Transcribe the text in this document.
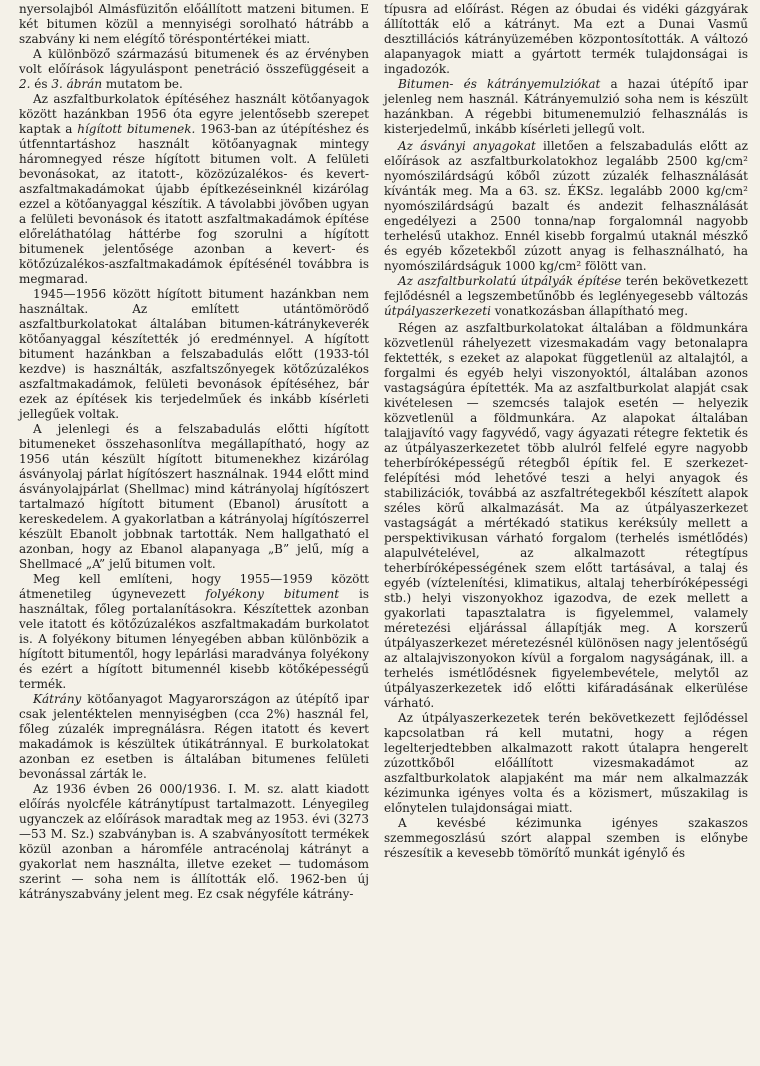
nyersolajból Almásfüzitőn előállított matzeni bitumen. E két bitumen közül a mennyiségi sorolható hátrább a szabvány ki nem elégítő töréspontértékei miatt.

A különböző származású bitumenek és az érvényben volt előírások lágyuláspont penetráció összefüggéseit a 2. és 3. ábrán mutatom be.

Az aszfaltburkolatok építéséhez használt kötőanyagok között hazánkban 1956 óta egyre jelentősebb szerepet kaptak a hígított bitumenek. 1963-ban az útépítéshez és útfenntartáshoz használt kötőanyagnak mintegy háromnegyed része hígított bitumen volt. A felületi bevonásokat, az itatott-, közözúzalékos- és kevert-aszfaltmakadámokat újabb építkezéseinknél kizárólag ezzel a kötőanyaggal készítik. A távolabbi jövőben ugyan a felületi bevonások és itatott aszfaltmakadámok építése előreláthatólag háttérbe fog szorulni a hígított bitumenek jelentősége azonban a kevert- és kötőzúzalékos-aszfaltmakadámok építésénél továbbra is megmarad.

1945—1956 között hígított bitument hazánkban nem használtak. Az említett utántömörödő aszfaltburkolatokat általában bitumen-kátránykeverék kötőanyaggal készítették jó eredménnyel. A hígított bitument hazánkban a felszabadulás előtt (1933-tól kezdve) is használták, aszfaltszőnyegek kötőzúzalékos aszfaltmakadámok, felületi bevonások építéséhez, bár ezek az építések kis terjedelműek és inkább kísérleti jellegűek voltak.

A jelenlegi és a felszabadulás előtti hígított bitumeneket összehasonlítva megállapítható, hogy az 1956 után készült hígított bitumenekhez kizárólag ásványolaj párlat hígítószert használnak. 1944 előtt mind ásványolajpárlat (Shellmac) mind kátrányolaj hígítószert tartalmazó hígított bitument (Ebanol) árusított a kereskedelem. A gyakorlatban a kátrányolaj hígítószerrel készült Ebanolt jobbnak tartották. Nem hallgatható el azonban, hogy az Ebanol alapanyaga „B” jelű, míg a Shellmacé „A” jelű bitumen volt.

Meg kell említeni, hogy 1955—1959 között átmenetileg úgynevezett folyékony bitument is használtak, főleg portalanításokra. Készítettek azonban vele itatott és kötőzúzalékos aszfaltmakadám burkolatot is. A folyékony bitumen lényegében abban különbözik a hígított bitumentől, hogy lepárlási maradványa folyékony és ezért a hígított bitumennél kisebb kötőképességű termék.

Kátrány kötőanyagot Magyarországon az útépítő ipar csak jelentéktelen mennyiségben (cca 2%) használ fel, főleg zúzalék impregnálásra. Régen itatott és kevert makadámok is készültek útikátránnyal. E burkolatokat azonban ez esetben is általában bitumenes felületi bevonással zárták le.

Az 1936 évben 26 000/1936. I. M. sz. alatt kiadott előírás nyolcféle kátránytípust tartalmazott. Lényegileg ugyanczek az előírások maradtak meg az 1953. évi (3273—53 M. Sz.) szabványban is. A szabványosított termékek közül azonban a háromféle antracénolaj kátrányt a gyakorlat nem használta, illetve ezeket — tudomásom szerint — soha nem is állították elő. 1962-ben új kátrányszabvány jelent meg. Ez csak négyféle kátrány-

típusra ad előírást. Régen az óbudai és vidéki gázgyárak állították elő a kátrányt. Ma ezt a Dunai Vasmű desztillációs kátrányüzemében központosították. A változó alapanyagok miatt a gyártott termék tulajdonságai is ingadozók.

Bitumen- és kátrányemulziókat a hazai útépítő ipar jelenleg nem használ. Kátrányemulzió soha nem is készült hazánkban. A régebbi bitumenemulzió felhasználás is kisterjedelmű, inkább kísérleti jellegű volt.

Az ásványi anyagokat illetően a felszabadulás előtt az előírások az aszfaltburkolatokhoz legalább 2500 kg/cm² nyomószilárdságú kőből zúzott zúzalék felhasználását kívánták meg. Ma a 63. sz. ÉKSz. legalább 2000 kg/cm² nyomószilárdságú bazalt és andezit felhasználását engedélyezi a 2500 tonna/nap forgalomnál nagyobb terhelésű utakhoz. Ennél kisebb forgalmú utaknál mészkő és egyéb kőzetekből zúzott anyag is felhasználható, ha nyomószilárdságuk 1000 kg/cm² fölött van.

Az aszfaltburkolatú útpályák építése terén bekövetkezett fejlődésnél a legszembetűnőbb és leglényegesebb változás útpályaszerkezeti vonatkozásban állapítható meg.

Régen az aszfaltburkolatokat általában a földmunkára közvetlenül ráhelyezett vizesmakadám vagy betonalapra fektették, s ezeket az alapokat függetlenül az altalajtól, a forgalmi és egyéb helyi viszonyoktól, általában azonos vastagságúra építették. Ma az aszfaltburkolat alapját csak kivételesen — szemcsés talajok esetén — helyezik közvetlenül a földmunkára. Az alapokat általában talajjavító vagy fagyvédő, vagy ágyazati rétegre fektetik és az útpályaszerkezetet több alulról felfelé egyre nagyobb teherbíróképességű rétegből építik fel. E szerkezet-felépítési mód lehetővé teszi a helyi anyagok és stabilizációk, továbbá az aszfaltrétegekből készített alapok széles körű alkalmazását. Ma az útpályaszerkezet vastagságát a mértékadó statikus keréksúly mellett a perspektivikusan várható forgalom (terhelés ismétlődés) alapulvételével, az alkalmazott rétegtípus teherbíróképességének szem előtt tartásával, a talaj és egyéb (víztelenítési, klimatikus, altalaj teherbíróképességi stb.) helyi viszonyokhoz igazodva, de ezek mellett a gyakorlati tapasztalatra is figyelemmel, valamely méretezési eljárással állapítják meg. A korszerű útpályaszerkezet méretezésnél különösen nagy jelentőségű az altalajviszonyokon kívül a forgalom nagyságának, ill. a terhelés ismétlődésnek figyelembevétele, melytől az útpályaszerkezetek idő előtti kifáradásának elkerülése várható.

Az útpályaszerkezetek terén bekövetkezett fejlődéssel kapcsolatban rá kell mutatni, hogy a régen legelterjedtebben alkalmazott rakott útalapra hengerelt zúzottkőből előállított vizesmakadámot az aszfaltburkolatok alapjaként ma már nem alkalmazzák kézimunka igényes volta és a közismert, műszakilag is előnytelen tulajdonságai miatt.

A kevésbé kézimunka igényes szakaszos szemmegoszlású szórt alappal szemben is előnybe részesítik a kevesebb tömörítő munkát igénylő és
